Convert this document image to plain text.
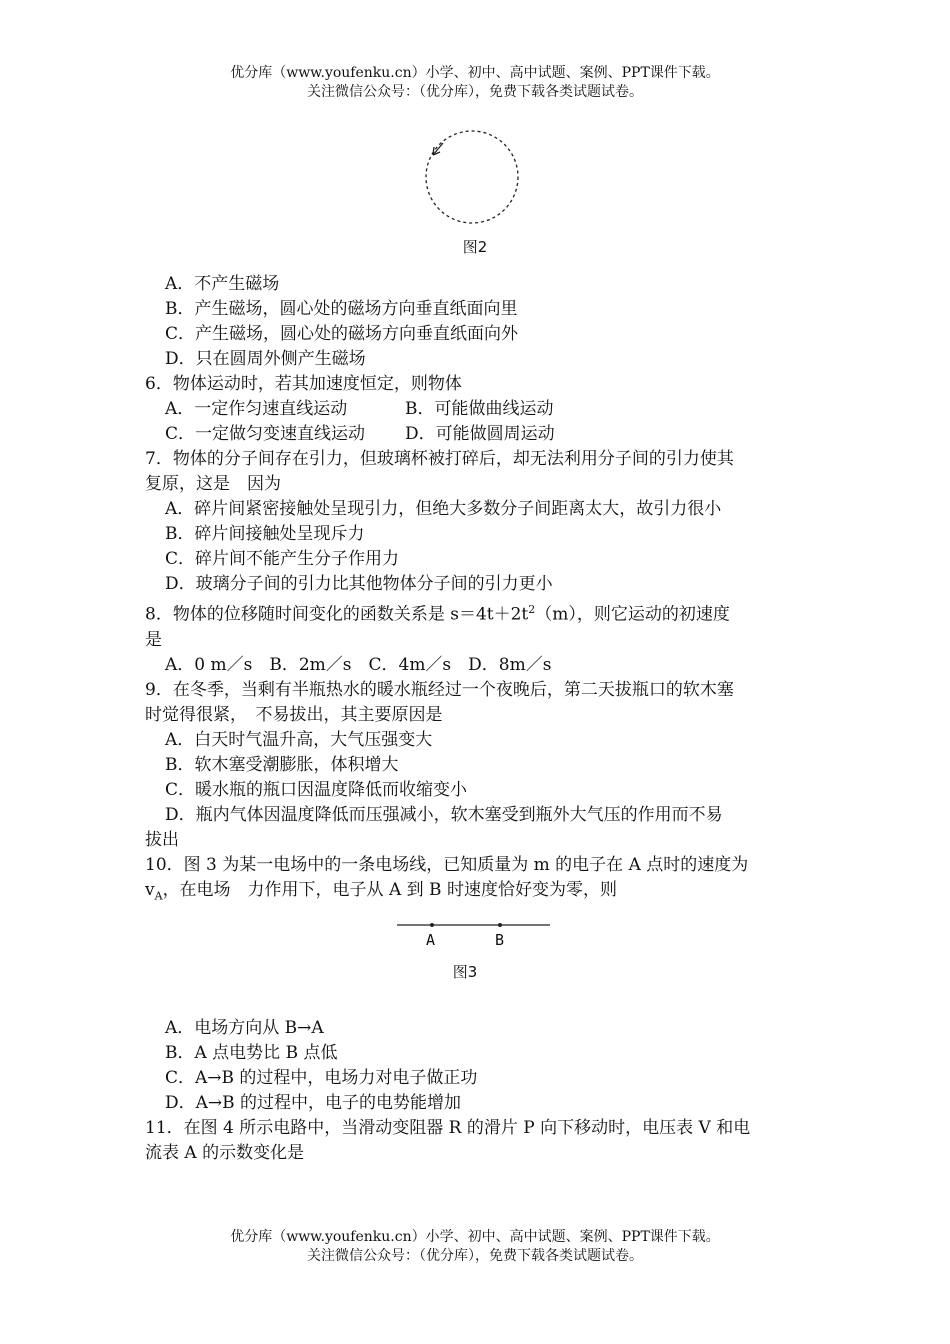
优分库（www.youfenku.cn）小学、初中、高中试题、案例、PPT课件下载。
关注微信公众号：（优分库），免费下载各类试题试卷。
图2

A．不产生磁场

B．产生磁场，圆心处的磁场方向垂直纸面向里

C．产生磁场，圆心处的磁场方向垂直纸面向外

D．只在圆周外侧产生磁场

6．物体运动时，若其加速度恒定，则物体

A．一定作匀速直线运动	B．可能做曲线运动

C．一定做匀变速直线运动 D．可能做圆周运动

7．物体的分子间存在引力，但玻璃杯被打碎后，却无法利用分子间的引力使其

复原，这是　因为

A．碎片间紧密接触处呈现引力，但绝大多数分子间距离太大，故引力很小

B．碎片间接触处呈现斥力

C．碎片间不能产生分子作用力

D．玻璃分子间的引力比其他物体分子间的引力更小

8．物体的位移随时间变化的函数关系是 $s=4t+2t^2(m)$，则它运动的初速度

是

A．0 m／s　B．2m／s　C．4m／s　D．8m／s

9．在冬季，当剩有半瓶热水的暖水瓶经过一个夜晚后，第二天拔瓶口的软木塞

时觉得很紧，　不易拔出，其主要原因是

A．白天时气温升高，大气压强变大

B．软木塞受潮膨胀，体积增大

C．暖水瓶的瓶口因温度降低而收缩变小

D．瓶内气体因温度降低而压强减小，软木塞受到瓶外大气压的作用而不易

拔出

10．图 3 为某一电场中的一条电场线，已知质量为 m 的电子在 A 点时的速度为

$v_A$，在电场　力作用下，电子从 A 到 B 时速度恰好变为零，则

A	B
图3

A．电场方向从 B→A

B．A 点电势比 B 点低

C．A→B 的过程中，电场力对电子做正功

D．A→B 的过程中，电子的电势能增加

11．在图 4 所示电路中，当滑动变阻器 R 的滑片 P 向下移动时，电压表 V 和电

流表 A 的示数变化是

优分库（www.youfenku.cn）小学、初中、高中试题、案例、PPT课件下载。
关注微信公众号：（优分库），免费下载各类试题试卷。
